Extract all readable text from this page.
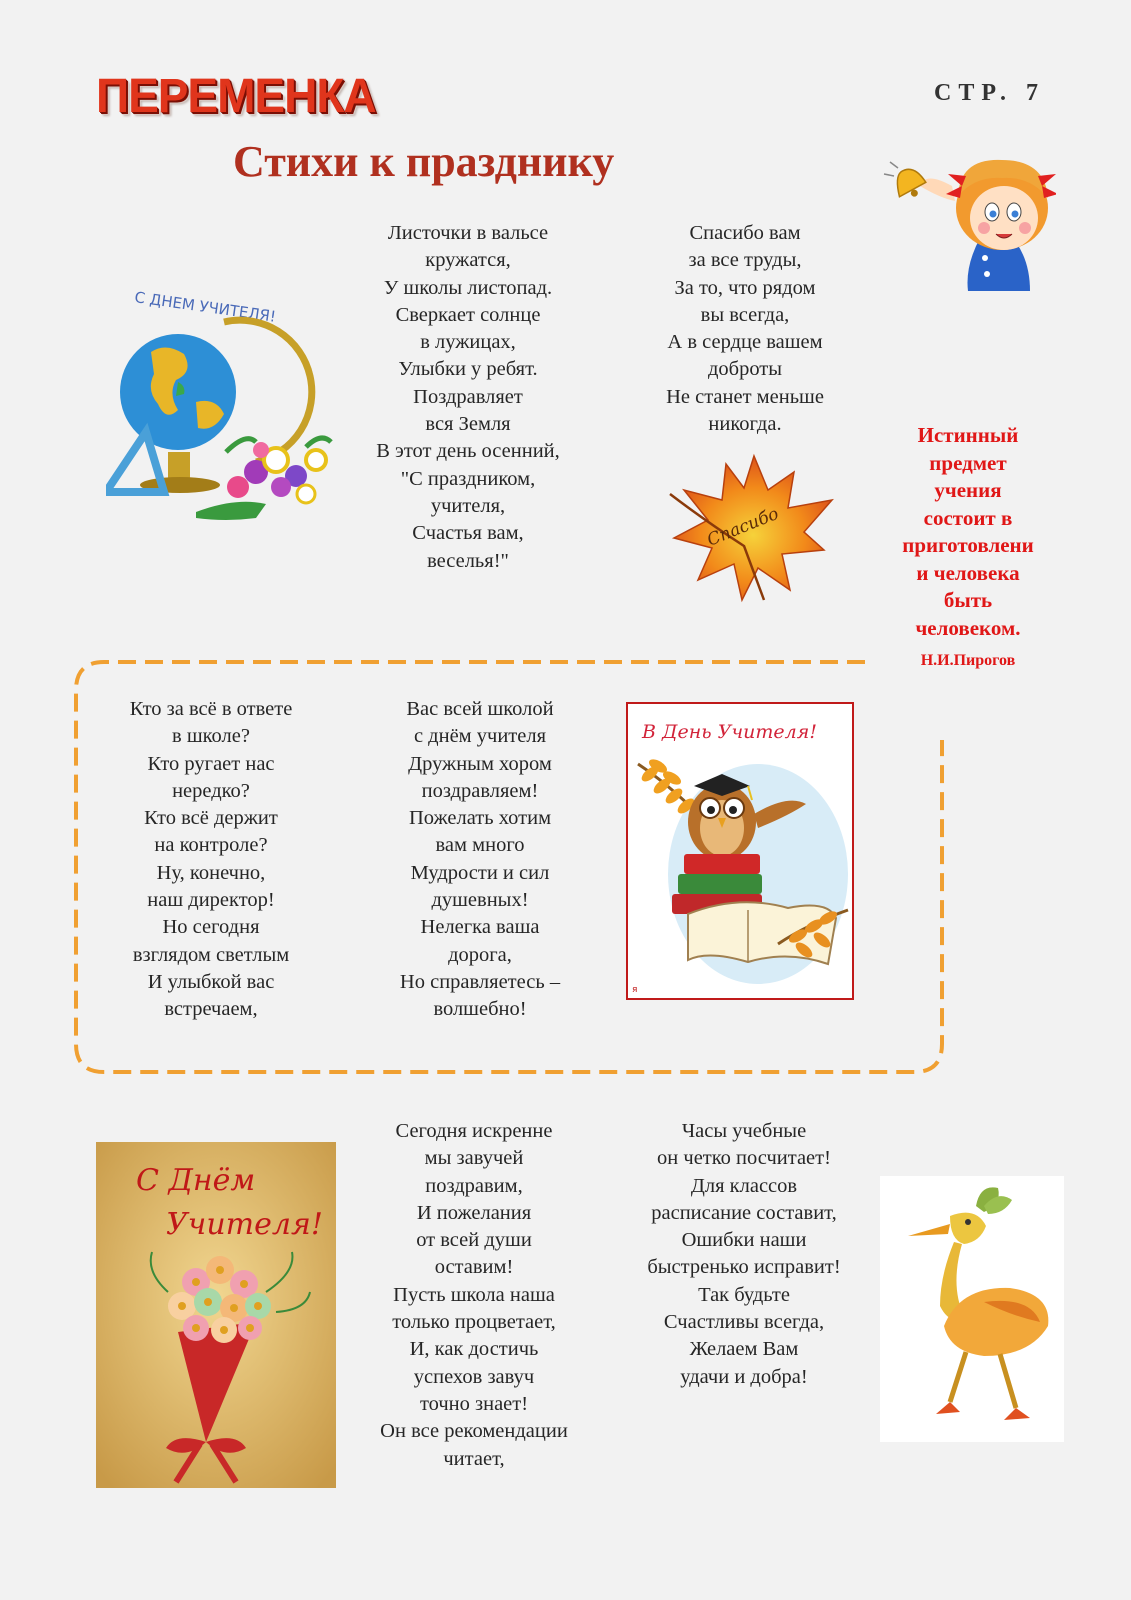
ПЕРЕМЕНКА	СТР. 7
Стихи к празднику
С ДНЕМ УЧИТЕЛЯ!
Листочки в вальсе
кружатся,
У школы листопад.
Сверкает солнце
в лужицах,
Улыбки у ребят.
Поздравляет
вся Земля
В этот день осенний,
"С праздником,
учителя,
Счастья вам,
веселья!"
Спасибо вам
за все труды,
За то, что рядом
вы всегда,
А в сердце вашем
доброты
Не станет меньше
никогда.
Спасибо
Истинный
предмет
учения
состоит в
приготовлени
и человека
быть
человеком.
Н.И.Пирогов
Кто за всё в ответе
в школе?
Кто ругает нас
нередко?
Кто всё держит
на контроле?
Ну, конечно,
наш директор!
Но сегодня
взглядом светлым
И улыбкой вас
встречаем,
Вас всей школой
с днём учителя
Дружным хором
поздравляем!
Пожелать хотим
вам много
Мудрости и сил
душевных!
Нелегка ваша
дорога,
Но справляетесь –
волшебно!
В День Учителя!
я
С Днём
Учителя!
Сегодня искренне
мы завучей
поздравим,
И пожелания
от всей души
оставим!
Пусть школа наша
только процветает,
И, как достичь
успехов завуч
точно знает!
Он все рекомендации
читает,
Часы учебные
он четко посчитает!
Для классов
расписание составит,
Ошибки наши
быстренько исправит!
Так будьте
Счастливы всегда,
Желаем Вам
удачи и добра!
